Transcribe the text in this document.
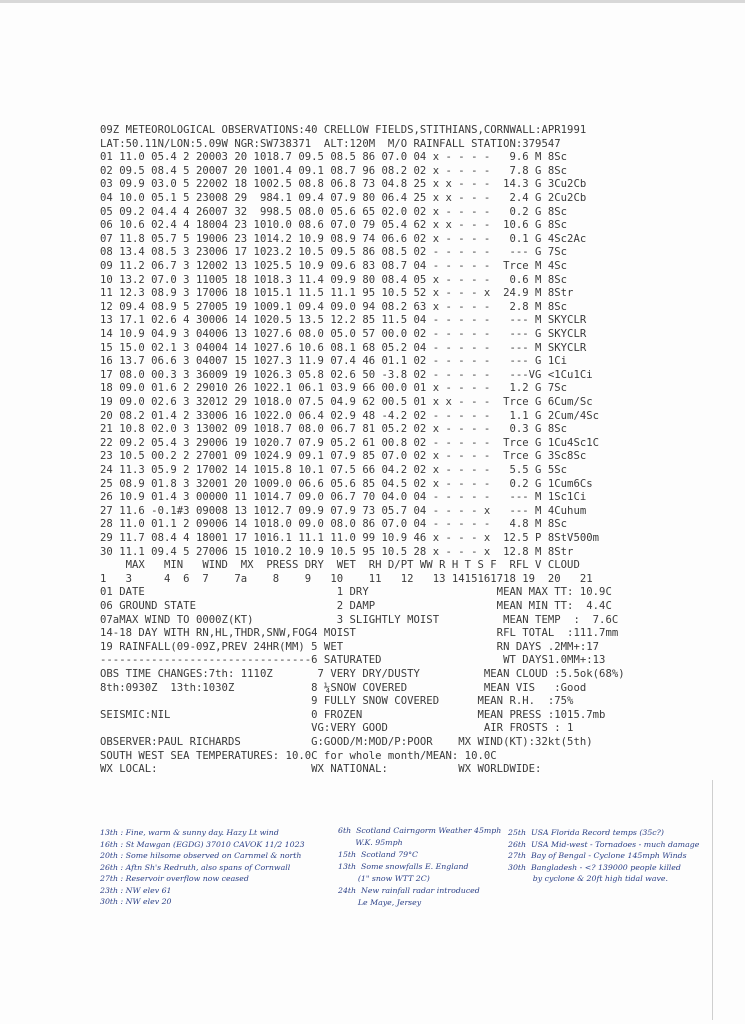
09Z METEOROLOGICAL OBSERVATIONS:40 CRELLOW FIELDS,STITHIANS,CORNWALL:APR1991
LAT:50.11N/LON:5.09W NGR:SW738371  ALT:120M  M/O RAINFALL STATION:379547
01 11.0 05.4 2 20003 20 1018.7 09.5 08.5 86 07.0 04 x - - - -   9.6 M 8Sc
02 09.5 08.4 5 20007 20 1001.4 09.1 08.7 96 08.2 02 x - - - -   7.8 G 8Sc
03 09.9 03.0 5 22002 18 1002.5 08.8 06.8 73 04.8 25 x x - - -  14.3 G 3Cu2Cb
04 10.0 05.1 5 23008 29  984.1 09.4 07.9 80 06.4 25 x x - - -   2.4 G 2Cu2Cb
05 09.2 04.4 4 26007 32  998.5 08.0 05.6 65 02.0 02 x - - - -   0.2 G 8Sc
06 10.6 02.4 4 18004 23 1010.0 08.6 07.0 79 05.4 62 x x - - -  10.6 G 8Sc
07 11.8 05.7 5 19006 23 1014.2 10.9 08.9 74 06.6 02 x - - - -   0.1 G 4Sc2Ac
08 13.4 08.5 3 23006 17 1023.2 10.5 09.5 86 08.5 02 - - - - -   --- G 7Sc
09 11.2 06.7 3 12002 13 1025.5 10.9 09.6 83 08.7 04 - - - - -  Trce M 4Sc
10 13.2 07.0 3 11005 18 1018.3 11.4 09.9 80 08.4 05 x - - - -   0.6 M 8Sc
11 12.3 08.9 3 17006 18 1015.1 11.5 11.1 95 10.5 52 x - - - x  24.9 M 8Str
12 09.4 08.9 5 27005 19 1009.1 09.4 09.0 94 08.2 63 x - - - -   2.8 M 8Sc
13 17.1 02.6 4 30006 14 1020.5 13.5 12.2 85 11.5 04 - - - - -   --- M SKYCLR
14 10.9 04.9 3 04006 13 1027.6 08.0 05.0 57 00.0 02 - - - - -   --- G SKYCLR
15 15.0 02.1 3 04004 14 1027.6 10.6 08.1 68 05.2 04 - - - - -   --- M SKYCLR
16 13.7 06.6 3 04007 15 1027.3 11.9 07.4 46 01.1 02 - - - - -   --- G 1Ci
17 08.0 00.3 3 36009 19 1026.3 05.8 02.6 50 -3.8 02 - - - - -   ---VG <1Cu1Ci
18 09.0 01.6 2 29010 26 1022.1 06.1 03.9 66 00.0 01 x - - - -   1.2 G 7Sc
19 09.0 02.6 3 32012 29 1018.0 07.5 04.9 62 00.5 01 x x - - -  Trce G 6Cum/Sc
20 08.2 01.4 2 33006 16 1022.0 06.4 02.9 48 -4.2 02 - - - - -   1.1 G 2Cum/4Sc
21 10.8 02.0 3 13002 09 1018.7 08.0 06.7 81 05.2 02 x - - - -   0.3 G 8Sc
22 09.2 05.4 3 29006 19 1020.7 07.9 05.2 61 00.8 02 - - - - -  Trce G 1Cu4Sc1C
23 10.5 00.2 2 27001 09 1024.9 09.1 07.9 85 07.0 02 x - - - -  Trce G 3Sc8Sc
24 11.3 05.9 2 17002 14 1015.8 10.1 07.5 66 04.2 02 x - - - -   5.5 G 5Sc
25 08.9 01.8 3 32001 20 1009.0 06.6 05.6 85 04.5 02 x - - - -   0.2 G 1Cum6Cs
26 10.9 01.4 3 00000 11 1014.7 09.0 06.7 70 04.0 04 - - - - -   --- M 1Sc1Ci
27 11.6 -0.1#3 09008 13 1012.7 09.9 07.9 73 05.7 04 - - - - x   --- M 4Cuhum
28 11.0 01.1 2 09006 14 1018.0 09.0 08.0 86 07.0 04 - - - - -   4.8 M 8Sc
29 11.7 08.4 4 18001 17 1016.1 11.1 11.0 99 10.9 46 x - - - x  12.5 P 8StV500m
30 11.1 09.4 5 27006 15 1010.2 10.9 10.5 95 10.5 28 x - - - x  12.8 M 8Str
MAX   MIN   WIND  MX  PRESS DRY  WET  RH D/PT WW R H T S F  RFL V CLOUD
1   3     4  6  7    7a    8    9   10    11   12   13 1415161718 19  20   21
01 DATE                              1 DRY                    MEAN MAX TT: 10.9C
06 GROUND STATE                      2 DAMP                   MEAN MIN TT:  4.4C
07aMAX WIND TO 0000Z(KT)             3 SLIGHTLY MOIST          MEAN TEMP  :  7.6C
14-18 DAY WITH RN,HL,THDR,SNW,FOG4 MOIST                      RFL TOTAL  :111.7mm
19 RAINFALL(09-09Z,PREV 24HR(MM) 5 WET                        RN DAYS .2MM+:17
---------------------------------6 SATURATED                   WT DAYS1.0MM+:13
OBS TIME CHANGES:7th: 1110Z       7 VERY DRY/DUSTY          MEAN CLOUD :5.5ok(68%)
8th:0930Z  13th:1030Z            8 ¼SNOW COVERED            MEAN VIS   :Good
9 FULLY SNOW COVERED      MEAN R.H.  :75%
SEISMIC:NIL                      0 FROZEN                  MEAN PRESS :1015.7mb
VG:VERY GOOD               AIR FROSTS : 1
OBSERVER:PAUL RICHARDS           G:GOOD/M:MOD/P:POOR    MX WIND(KT):32kt(5th)
SOUTH WEST SEA TEMPERATURES: 10.0C for whole month/MEAN: 10.0C
WX LOCAL:                        WX NATIONAL:           WX WORLDWIDE:
13th : Fine, warm & sunny day. Hazy Lt wind
16th : St Mawgan (EGDG) 37010 CAVOK 11/2 1023
20th : Some hilsome observed on Carnmel & north
26th : Aftn Sh's Redruth, also spans of Cornwall
27th : Reservoir overflow now ceased
23th : NW elev 61
30th : NW elev 20
6th  Scotland Cairngorm Weather 45mph
W.K. 95mph
15th  Scotland 79°C
13th  Some snowfalls E. England
(1" snow WTT 2C)
24th  New rainfall radar introduced
Le Maye, Jersey
25th  USA Florida Record temps (35c?)
26th  USA Mid-west - Tornadoes - much damage
27th  Bay of Bengal - Cyclone 145mph Winds
30th  Bangladesh - <? 139000 people killed
by cyclone & 20ft high tidal wave.
